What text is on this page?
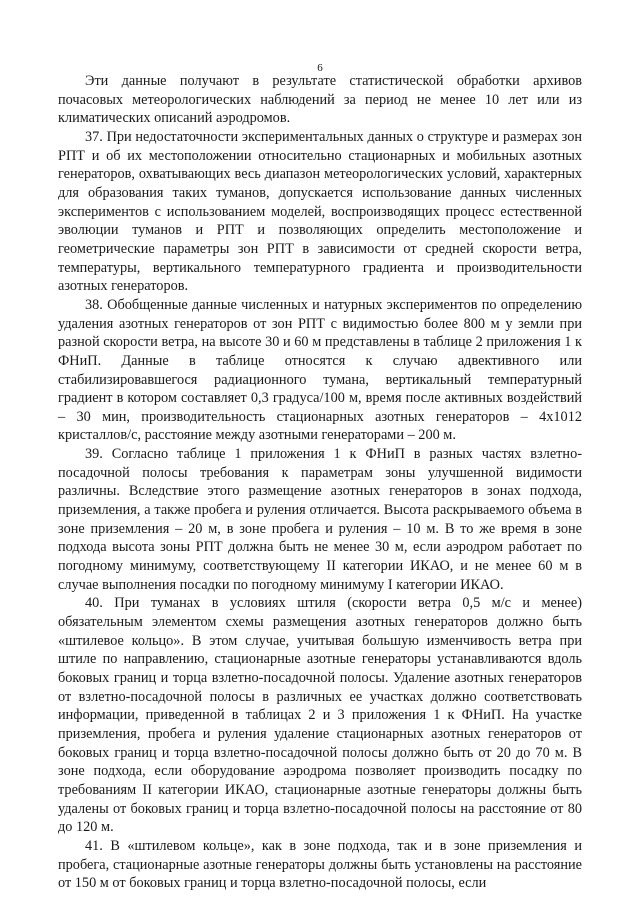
6

Эти данные получают в результате статистической обработки архивов почасовых метеорологических наблюдений за период не менее 10 лет или из климатических описаний аэродромов.

37. При недостаточности экспериментальных данных о структуре и размерах зон РПТ и об их местоположении относительно стационарных и мобильных азотных генераторов, охватывающих весь диапазон метеорологических условий, характерных для образования таких туманов, допускается использование данных численных экспериментов с использованием моделей, воспроизводящих процесс естественной эволюции туманов и РПТ и позволяющих определить местоположение и геометрические параметры зон РПТ в зависимости от средней скорости ветра, температуры, вертикального температурного градиента и производительности азотных генераторов.

38. Обобщенные данные численных и натурных экспериментов по определению удаления азотных генераторов от зон РПТ с видимостью более 800 м у земли при разной скорости ветра, на высоте 30 и 60 м представлены в таблице 2 приложения 1 к ФНиП. Данные в таблице относятся к случаю адвективного или стабилизировавшегося радиационного тумана, вертикальный температурный градиент в котором составляет 0,3 градуса/100 м, время после активных воздействий – 30 мин, производительность стационарных азотных генераторов – 4х1012 кристаллов/с, расстояние между азотными генераторами – 200 м.

39. Согласно таблице 1 приложения 1 к ФНиП в разных частях взлетно-посадочной полосы требования к параметрам зоны улучшенной видимости различны. Вследствие этого размещение азотных генераторов в зонах подхода, приземления, а также пробега и руления отличается. Высота раскрываемого объема в зоне приземления – 20 м, в зоне пробега и руления – 10 м. В то же время в зоне подхода высота зоны РПТ должна быть не менее 30 м, если аэродром работает по погодному минимуму, соответствующему II категории ИКАО, и не менее 60 м в случае выполнения посадки по погодному минимуму I категории ИКАО.

40. При туманах в условиях штиля (скорости ветра 0,5 м/с и менее) обязательным элементом схемы размещения азотных генераторов должно быть «штилевое кольцо». В этом случае, учитывая большую изменчивость ветра при штиле по направлению, стационарные азотные генераторы устанавливаются вдоль боковых границ и торца взлетно-посадочной полосы. Удаление азотных генераторов от взлетно-посадочной полосы в различных ее участках должно соответствовать информации, приведенной в таблицах 2 и 3 приложения 1 к ФНиП. На участке приземления, пробега и руления удаление стационарных азотных генераторов от боковых границ и торца взлетно-посадочной полосы должно быть от 20 до 70 м. В зоне подхода, если оборудование аэродрома позволяет производить посадку по требованиям II категории ИКАО, стационарные азотные генераторы должны быть удалены от боковых границ и торца взлетно-посадочной полосы на расстояние от 80 до 120 м.

41. В «штилевом кольце», как в зоне подхода, так и в зоне приземления и пробега, стационарные азотные генераторы должны быть установлены на расстояние от 150 м от боковых границ и торца взлетно-посадочной полосы, если
